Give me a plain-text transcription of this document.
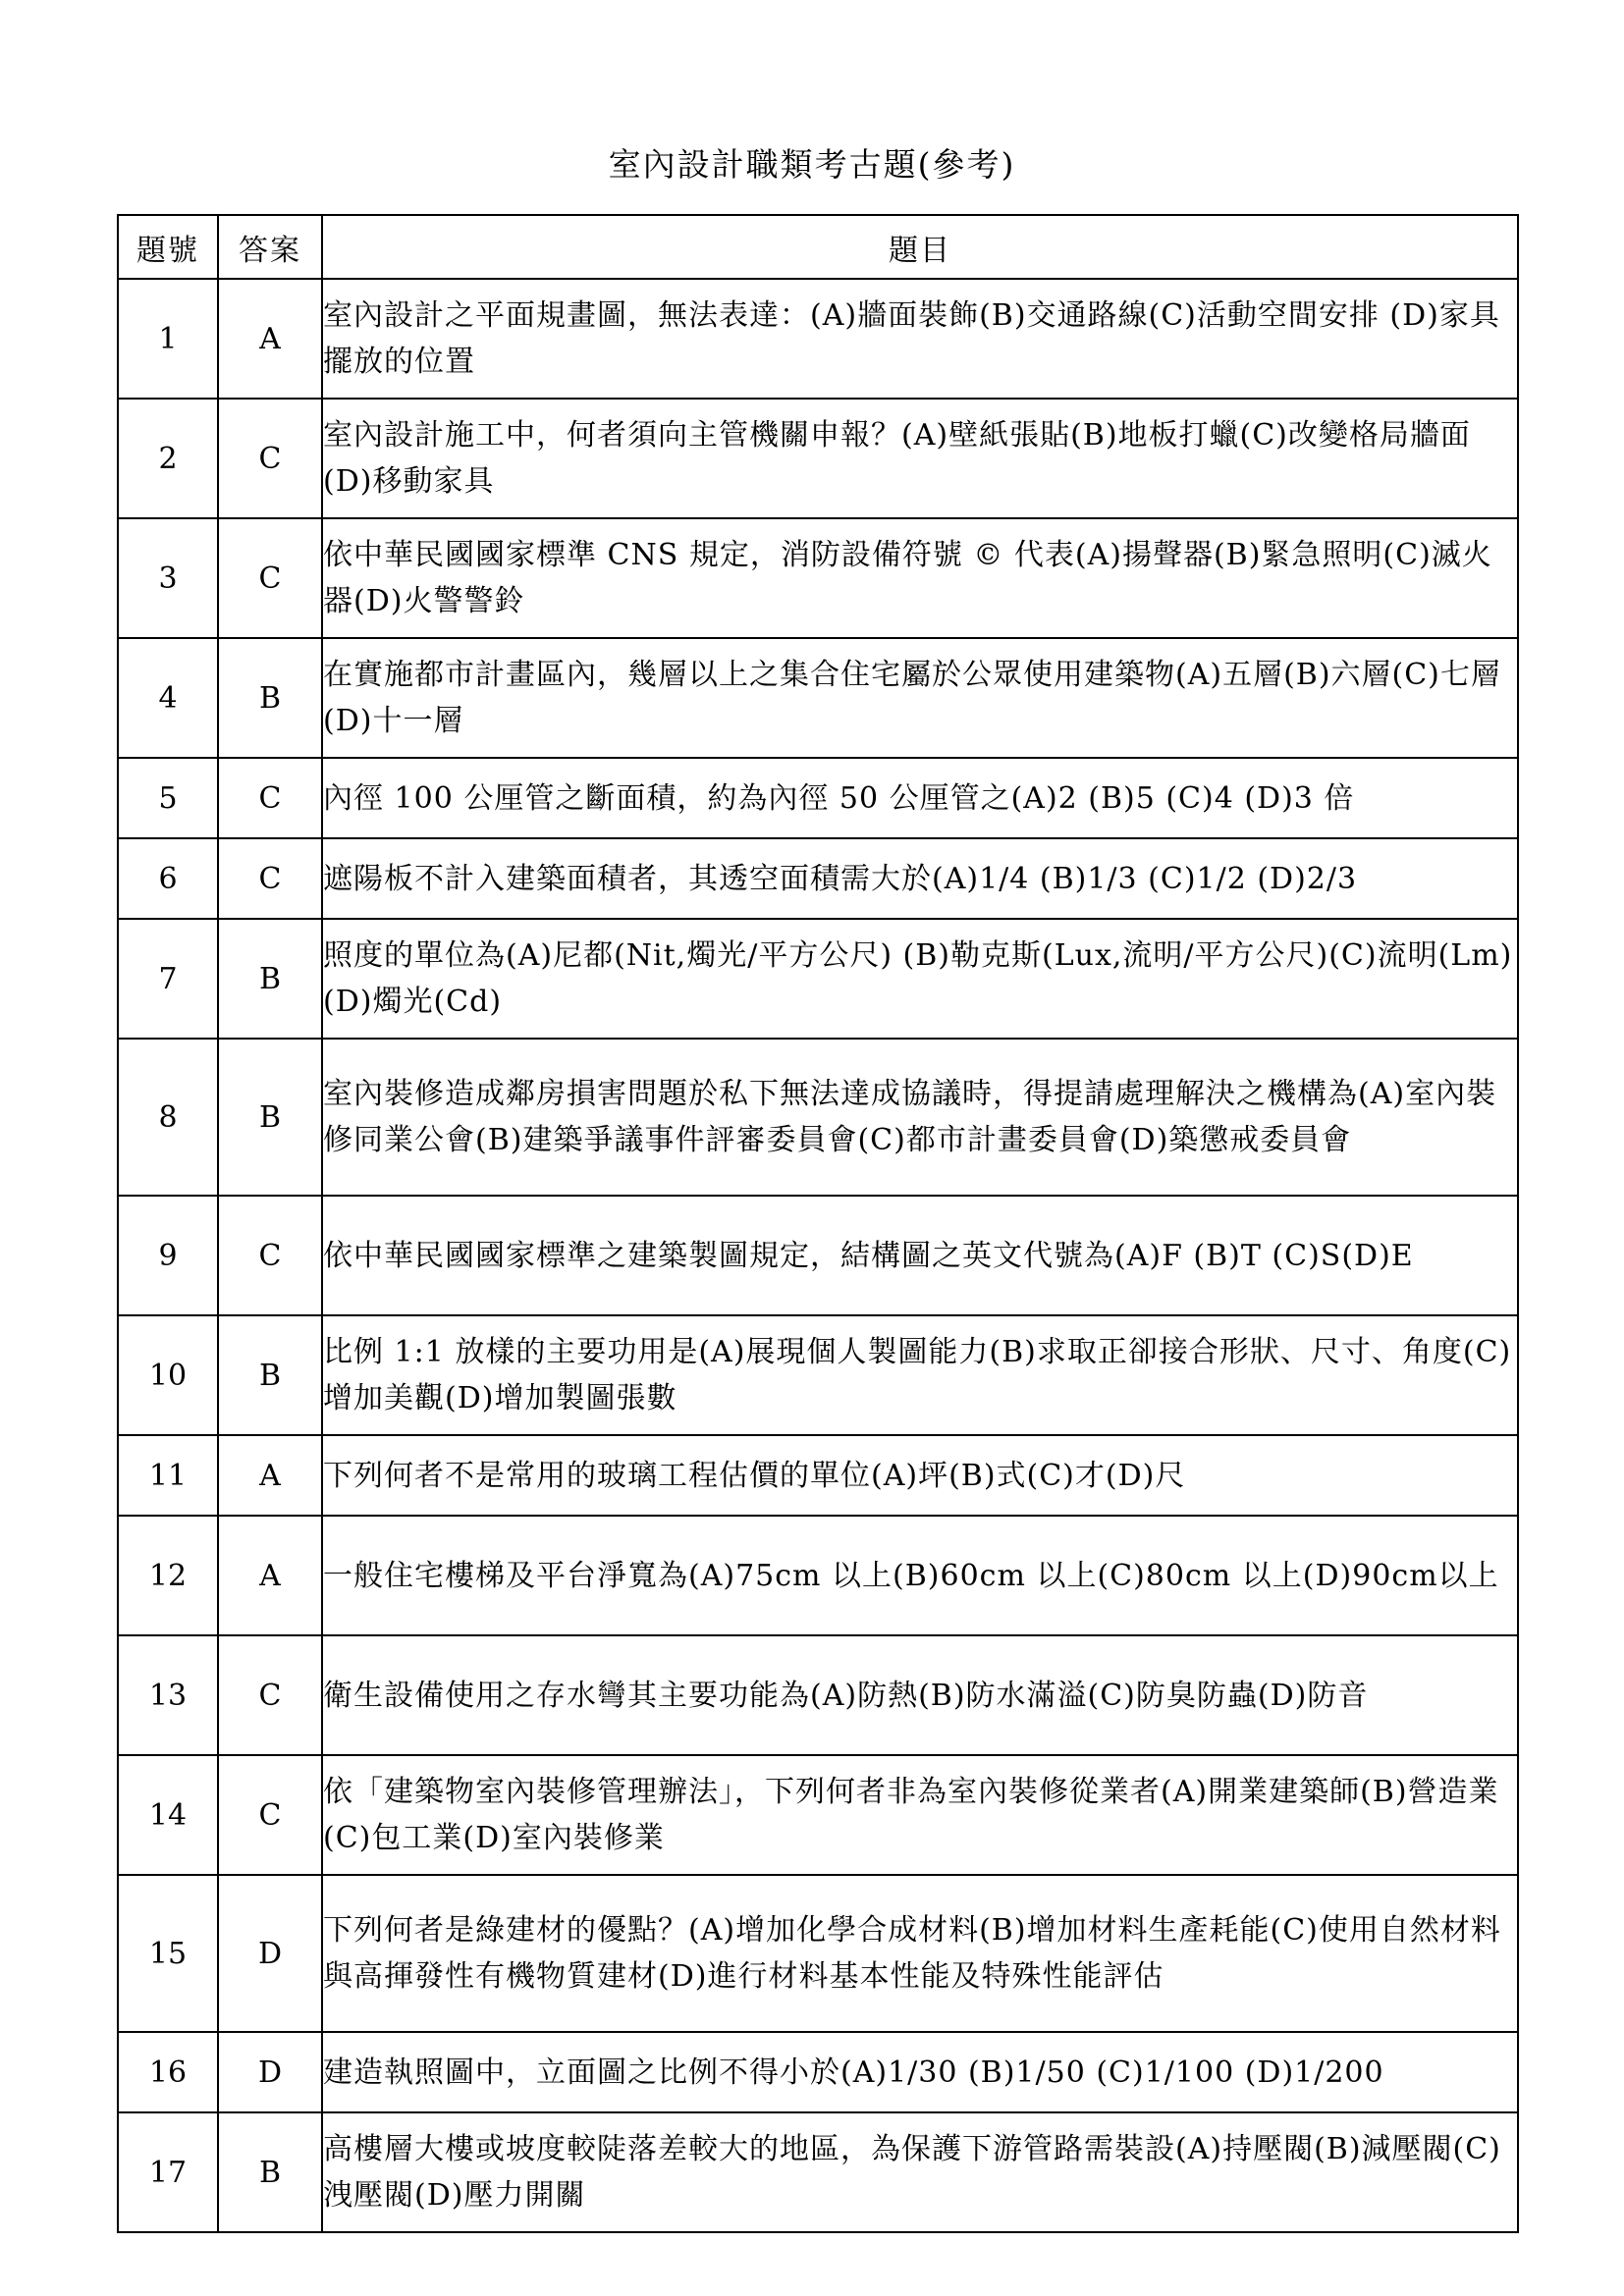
室內設計職類考古題(參考)
題號	答案	題目
1	A	室內設計之平面規畫圖，無法表達：(A)牆面裝飾(B)交通路線(C)活動空間安排 (D)家具擺放的位置
2	C	室內設計施工中，何者須向主管機關申報？(A)壁紙張貼(B)地板打蠟(C)改變格局牆面(D)移動家具
3	C	依中華民國國家標準 CNS 規定，消防設備符號 © 代表(A)揚聲器(B)緊急照明(C)滅火器(D)火警警鈴
4	B	在實施都市計畫區內，幾層以上之集合住宅屬於公眾使用建築物(A)五層(B)六層(C)七層(D)十一層
5	C	內徑 100 公厘管之斷面積，約為內徑 50 公厘管之(A)2 (B)5 (C)4 (D)3 倍
6	C	遮陽板不計入建築面積者，其透空面積需大於(A)1/4 (B)1/3 (C)1/2 (D)2/3
7	B	照度的單位為(A)尼都(Nit,燭光/平方公尺) (B)勒克斯(Lux,流明/平方公尺)(C)流明(Lm) (D)燭光(Cd)
8	B	室內裝修造成鄰房損害問題於私下無法達成協議時，得提請處理解決之機構為(A)室內裝修同業公會(B)建築爭議事件評審委員會(C)都市計畫委員會(D)築懲戒委員會
9	C	依中華民國國家標準之建築製圖規定，結構圖之英文代號為(A)F (B)T (C)S(D)E
10	B	比例 1:1 放樣的主要功用是(A)展現個人製圖能力(B)求取正卻接合形狀、尺寸、角度(C)增加美觀(D)增加製圖張數
11	A	下列何者不是常用的玻璃工程估價的單位(A)坪(B)式(C)才(D)尺
12	A	一般住宅樓梯及平台淨寬為(A)75cm 以上(B)60cm 以上(C)80cm 以上(D)90cm以上
13	C	衛生設備使用之存水彎其主要功能為(A)防熱(B)防水滿溢(C)防臭防蟲(D)防音
14	C	依「建築物室內裝修管理辦法」，下列何者非為室內裝修從業者(A)開業建築師(B)營造業 (C)包工業(D)室內裝修業
15	D	下列何者是綠建材的優點？(A)增加化學合成材料(B)增加材料生產耗能(C)使用自然材料與高揮發性有機物質建材(D)進行材料基本性能及特殊性能評估
16	D	建造執照圖中，立面圖之比例不得小於(A)1/30 (B)1/50 (C)1/100 (D)1/200
17	B	高樓層大樓或坡度較陡落差較大的地區，為保護下游管路需裝設(A)持壓閥(B)減壓閥(C)洩壓閥(D)壓力開關
